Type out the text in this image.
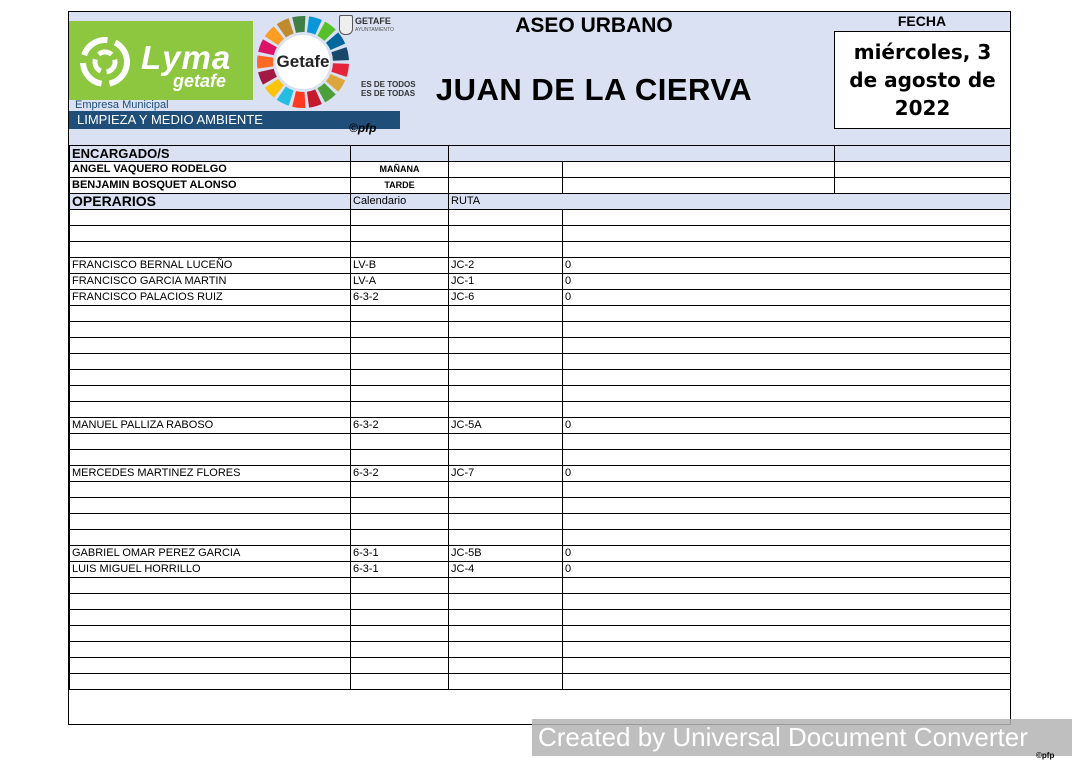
Lyma
getafe
Getafe
GETAFE
AYUNTAMIENTO
ES DE TODOS
ES DE TODAS
Empresa Municipal
LIMPIEZA Y MEDIO AMBIENTE
©pfp
ASEO URBANO
JUAN DE LA CIERVA
FECHA
miércoles, 3 de agosto de 2022
ENCARGADO/S				
ANGEL VAQUERO RODELGO	MAÑANA			
BENJAMIN BOSQUET ALONSO	TARDE			
OPERARIOS	Calendario	RUTA		

FRANCISCO BERNAL LUCEÑO	LV-B	JC-2	0	
FRANCISCO GARCIA MARTIN	LV-A	JC-1	0	
FRANCISCO PALACIOS RUIZ	6-3-2	JC-6	0	

MANUEL PALLIZA RABOSO	6-3-2	JC-5A	0	

MERCEDES MARTINEZ FLORES	6-3-2	JC-7	0	

GABRIEL OMAR PEREZ GARCIA	6-3-1	JC-5B	0	
LUIS MIGUEL HORRILLO	6-3-1	JC-4	0	

Created by Universal Document Converter
©pfp
